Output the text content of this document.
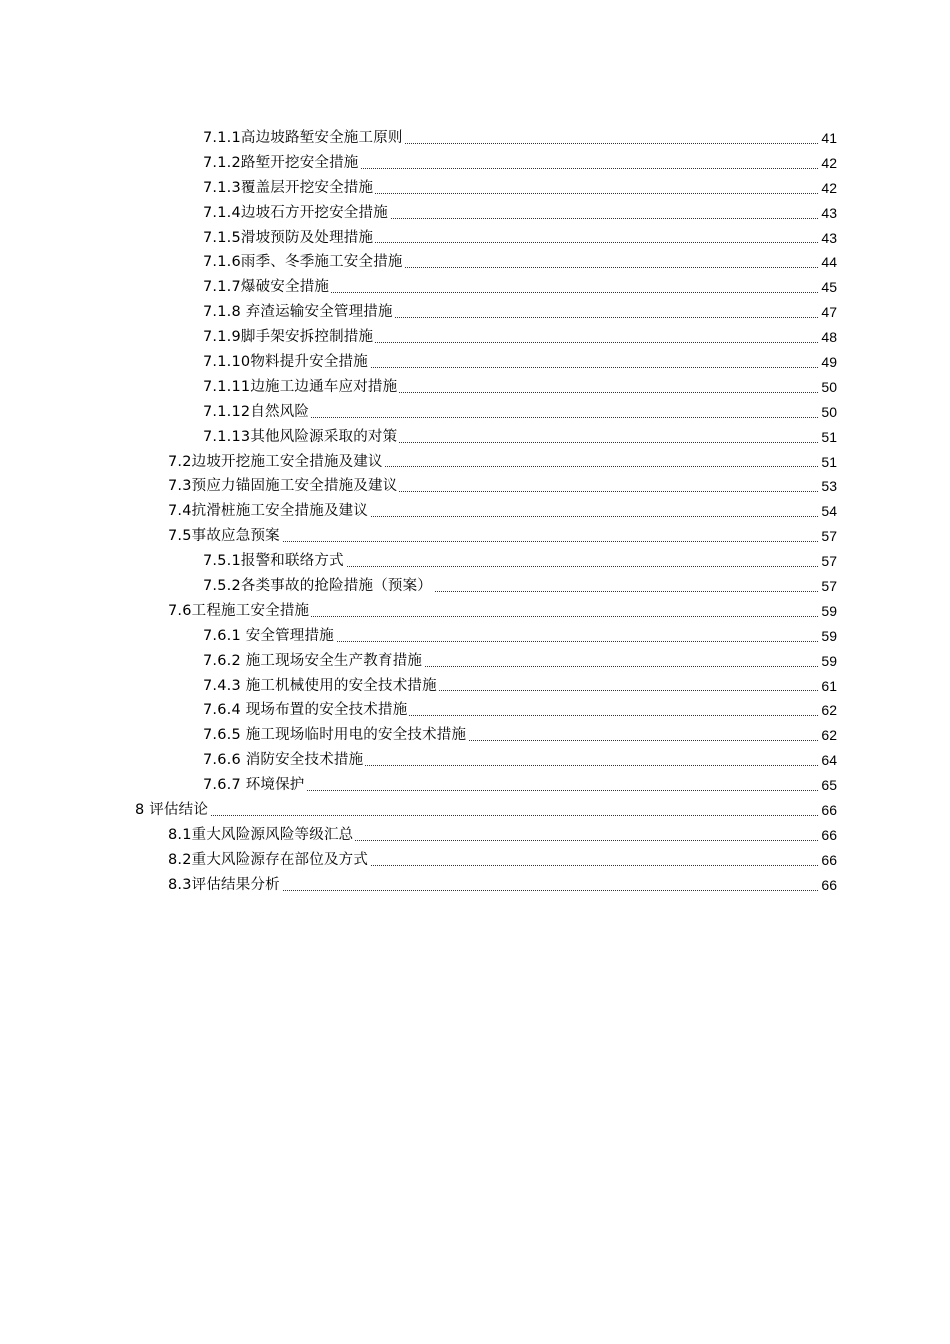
7.1.1高边坡路堑安全施工原则	41
7.1.2路堑开挖安全措施	42
7.1.3覆盖层开挖安全措施	42
7.1.4边坡石方开挖安全措施	43
7.1.5滑坡预防及处理措施	43
7.1.6雨季、冬季施工安全措施	44
7.1.7爆破安全措施	45
7.1.8 弃渣运输安全管理措施	47
7.1.9脚手架安拆控制措施	48
7.1.10物料提升安全措施	49
7.1.11边施工边通车应对措施	50
7.1.12自然风险	50
7.1.13其他风险源采取的对策	51
7.2边坡开挖施工安全措施及建议	51
7.3预应力锚固施工安全措施及建议	53
7.4抗滑桩施工安全措施及建议	54
7.5事故应急预案	57
7.5.1报警和联络方式	57
7.5.2各类事故的抢险措施（预案）	57
7.6工程施工安全措施	59
7.6.1 安全管理措施	59
7.6.2 施工现场安全生产教育措施	59
7.4.3 施工机械使用的安全技术措施	61
7.6.4 现场布置的安全技术措施	62
7.6.5 施工现场临时用电的安全技术措施	62
7.6.6 消防安全技术措施	64
7.6.7 环境保护	65
8 评估结论	66
8.1重大风险源风险等级汇总	66
8.2重大风险源存在部位及方式	66
8.3评估结果分析	66
